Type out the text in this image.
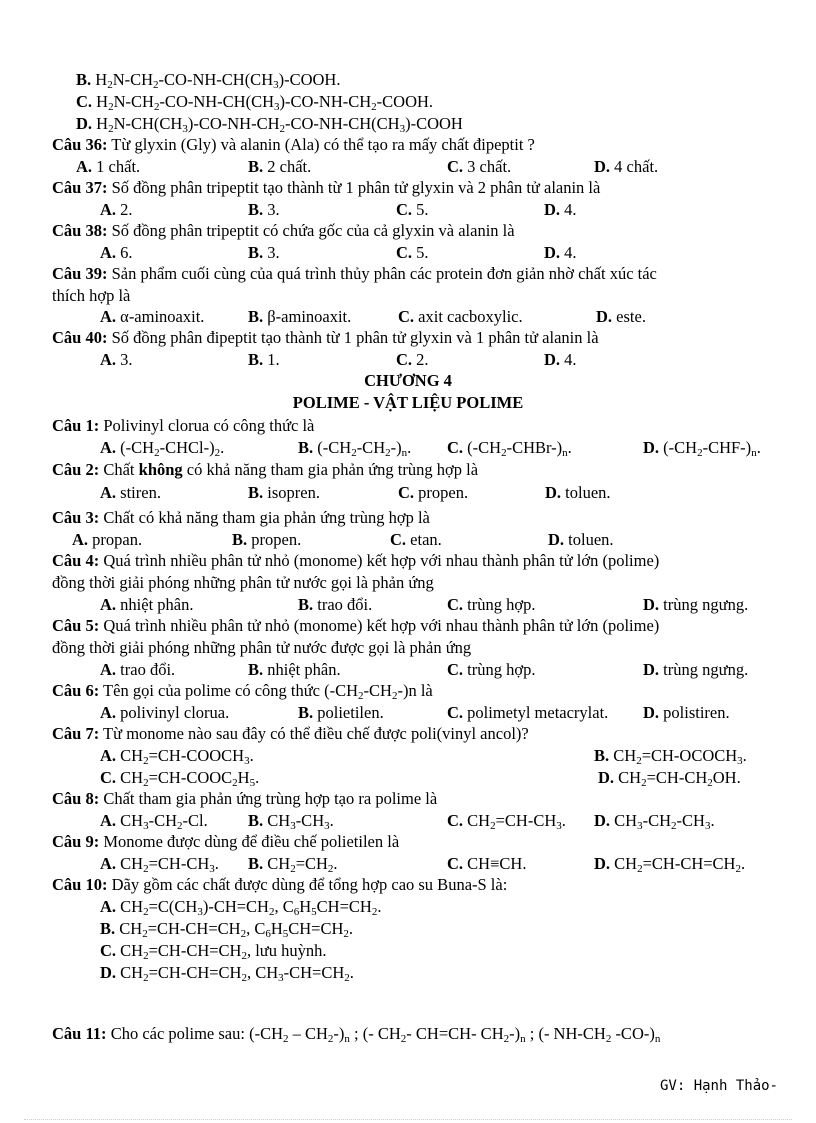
B. $H_2N-CH_2-CO-NH-CH(CH_3)$-COOH.
C. $H_2N-CH_2-CO-NH-CH(CH_3)-CO-NH-CH_2$-COOH.
D. $H_2N-CH(CH_3)-CO-NH-CH_2-CO-NH-CH(CH_3)$-COOH
Câu 36: Từ glyxin (Gly) và alanin (Ala) có thể tạo ra mấy chất đipeptit ?
A. 1 chất.	B. 2 chất.	C. 3 chất.	D. 4 chất.
Câu 37: Số đồng phân tripeptit tạo thành từ 1 phân tử glyxin và 2 phân tử alanin là
A. 2.	B. 3.	C. 5.	D. 4.
Câu 38: Số đồng phân tripeptit có chứa gốc của cả glyxin và alanin là
A. 6.	B. 3.	C. 5.	D. 4.
Câu 39: Sản phẩm cuối cùng của quá trình thủy phân các protein đơn giản nhờ chất xúc tác
thích hợp là
A. α-aminoaxit.	B. β-aminoaxit.	C. axit cacboxylic.	D. este.
Câu 40: Số đồng phân đipeptit tạo thành từ 1 phân tử glyxin và 1 phân tử alanin là
A. 3.	B. 1.	C. 2.	D. 4.
CHƯƠNG 4
POLIME - VẬT LIỆU POLIME
Câu 1: Polivinyl clorua có công thức là
A. $(-CH_2-CHCl-)_2$.	B. $(-CH_2-CH_2-)_n$. C. $(-CH_2-CHBr-)_n$.	D. $(-CH_2-CHF-)_n$.
Câu 2: Chất không có khả năng tham gia phản ứng trùng hợp là
A. stiren.	B. isopren.	C. propen.	D. toluen.
Câu 3: Chất có khả năng tham gia phản ứng trùng hợp là
A. propan.	B. propen.	C. etan.	D. toluen.
Câu 4: Quá trình nhiều phân tử nhỏ (monome) kết hợp với nhau thành phân tử lớn (polime)
đồng thời giải phóng những phân tử nước gọi là phản ứng
A. nhiệt phân.	B. trao đổi.	C. trùng hợp.	D. trùng ngưng.
Câu 5: Quá trình nhiều phân tử nhỏ (monome) kết hợp với nhau thành phân tử lớn (polime)
đồng thời giải phóng những phân tử nước được gọi là phản ứng
A. trao đổi.	B. nhiệt phân.	C. trùng hợp.	D. trùng ngưng.
Câu 6: Tên gọi của polime có công thức $(-CH_2-CH_2-)n$ là
A. polivinyl clorua.	B. polietilen.	C. polimetyl metacrylat. D. polistiren.
Câu 7: Từ monome nào sau đây có thể điều chế được poli(vinyl ancol)?
A. $CH_2=CH-COOCH_3$.	B. $CH_2=CH-OCOCH_3$.
C. $CH_2=CH-COOC_2H_5$.	D. $CH_2=CH-CH_2OH$.
Câu 8: Chất tham gia phản ứng trùng hợp tạo ra polime là
A. $CH_3-CH_2-Cl$. B. $CH_3-CH_3$.	C. $CH_2=CH-CH_3$. D. $CH_3-CH_2-CH_3$.
Câu 9: Monome được dùng để điều chế polietilen là
A. $CH_2=CH-CH_3$. B. $CH_2=CH_2$.	C. CH≡CH.	D. $CH_2=CH-CH=CH_2$.
Câu 10: Dãy gồm các chất được dùng để tổng hợp cao su Buna-S là:
A. $CH_2=C(CH_3)-CH=CH_2$, $C_6H_5CH=CH_2$.
B. $CH_2=CH-CH=CH_2$, $C_6H_5CH=CH_2$.
C. $CH_2=CH-CH=CH_2$, lưu huỳnh.
D. $CH_2=CH-CH=CH_2$, $CH_3-CH=CH_2$.
Câu 11: Cho các polime sau: $(-CH_2 - CH_2-)_n$ ; (- $CH_2-$ CH=CH- $CH_2-)_n$ ; (- $NH-CH_2$ $-CO-)_n$
GV: Hạnh Thảo-
